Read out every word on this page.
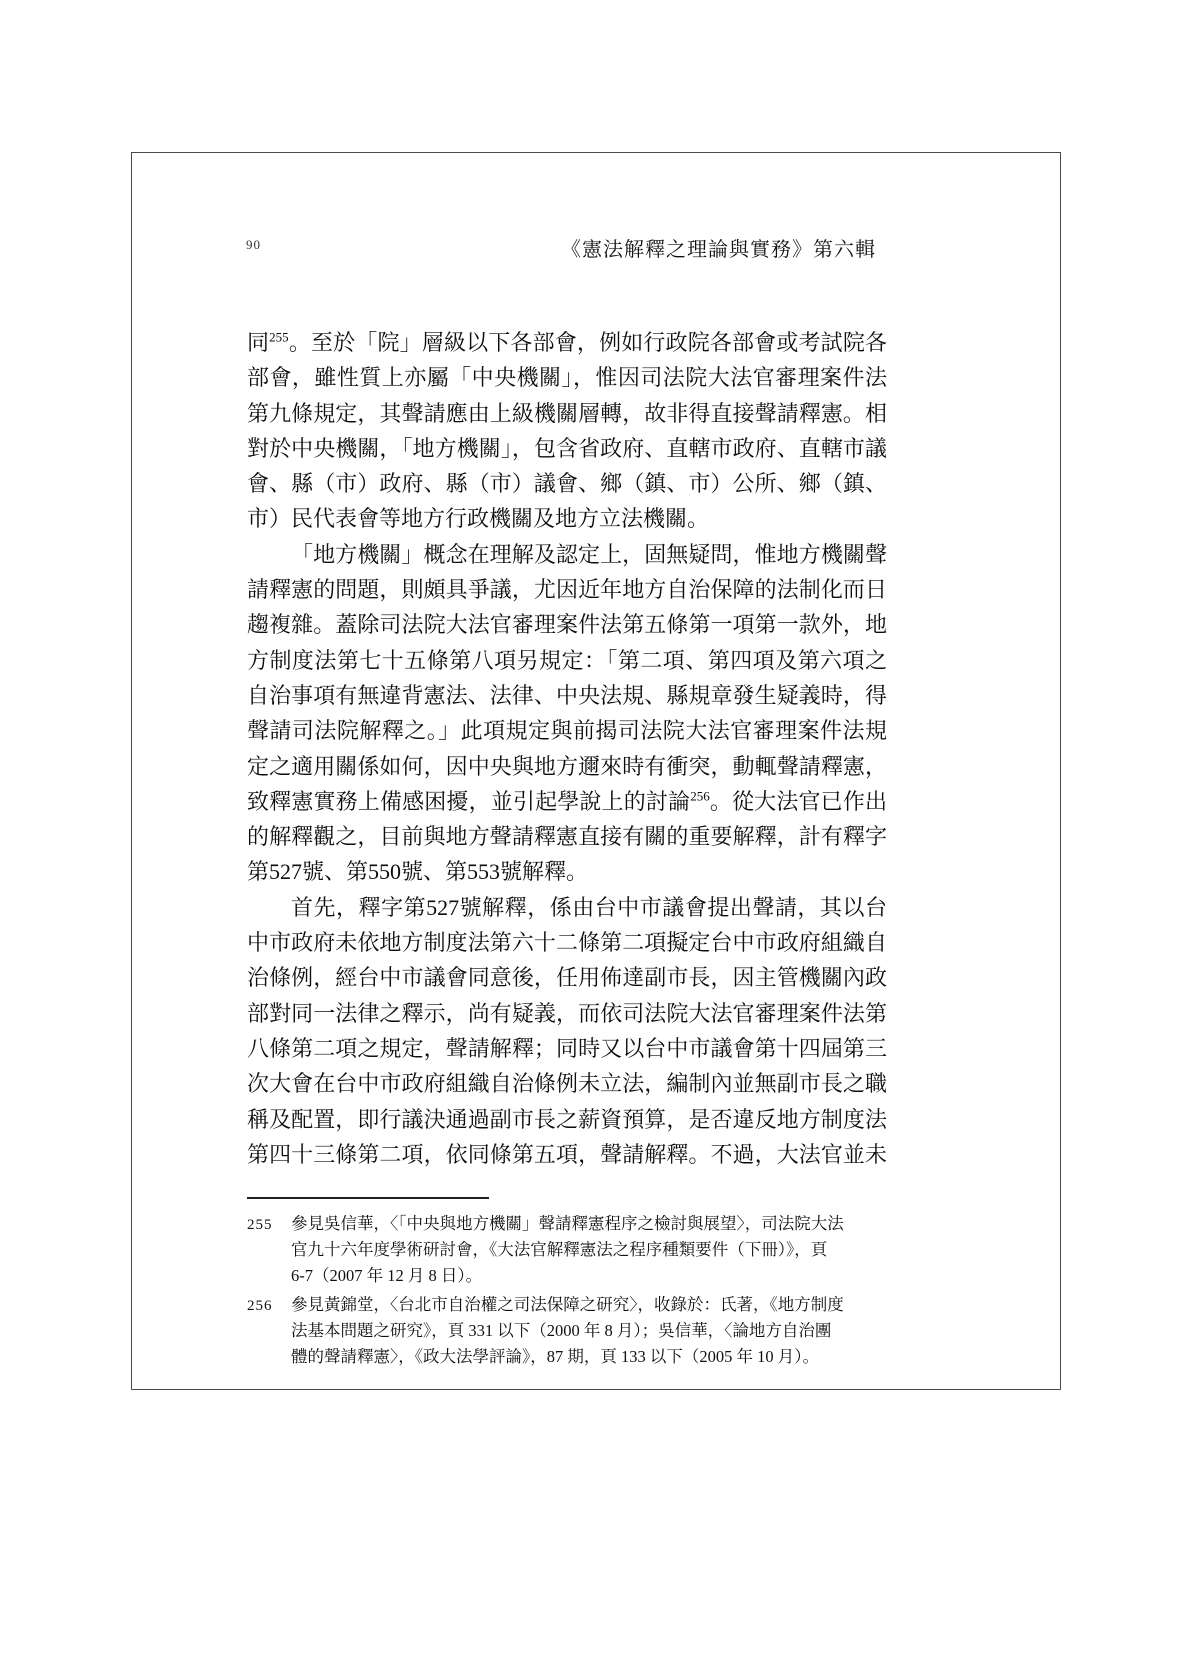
90	《憲法解釋之理論與實務》第六輯
同$^{255}$。至於「院」層級以下各部會，例如行政院各部會或考試院各
部會，雖性質上亦屬「中央機關」，惟因司法院大法官審理案件法
第九條規定，其聲請應由上級機關層轉，故非得直接聲請釋憲。相
對於中央機關，「地方機關」，包含省政府、直轄市政府、直轄市議
會、縣（市）政府、縣（市）議會、鄉（鎮、市）公所、鄉（鎮、
市）民代表會等地方行政機關及地方立法機關。
「地方機關」概念在理解及認定上，固無疑問，惟地方機關聲
請釋憲的問題，則頗具爭議，尤因近年地方自治保障的法制化而日
趨複雜。蓋除司法院大法官審理案件法第五條第一項第一款外，地
方制度法第七十五條第八項另規定：「第二項、第四項及第六項之
自治事項有無違背憲法、法律、中央法規、縣規章發生疑義時，得
聲請司法院解釋之。」此項規定與前揭司法院大法官審理案件法規
定之適用關係如何，因中央與地方邇來時有衝突，動輒聲請釋憲，
致釋憲實務上備感困擾，並引起學說上的討論$^{256}$。從大法官已作出
的解釋觀之，目前與地方聲請釋憲直接有關的重要解釋，計有釋字
第527號、第550號、第553號解釋。
首先，釋字第527號解釋，係由台中市議會提出聲請，其以台
中市政府未依地方制度法第六十二條第二項擬定台中市政府組織自
治條例，經台中市議會同意後，任用佈達副市長，因主管機關內政
部對同一法律之釋示，尚有疑義，而依司法院大法官審理案件法第
八條第二項之規定，聲請解釋；同時又以台中市議會第十四屆第三
次大會在台中市政府組織自治條例未立法，編制內並無副市長之職
稱及配置，即行議決通過副市長之薪資預算，是否違反地方制度法
第四十三條第二項，依同條第五項，聲請解釋。不過，大法官並未
255 參見吳信華，〈「中央與地方機關」聲請釋憲程序之檢討與展望〉，司法院大法
官九十六年度學術研討會，《大法官解釋憲法之程序種類要件（下冊）》，頁
6-7（2007 年 12 月 8 日）。
256 參見黃錦堂，〈台北市自治權之司法保障之研究〉，收錄於：氏著，《地方制度
法基本問題之研究》，頁 331 以下（2000 年 8 月）；吳信華，〈論地方自治團
體的聲請釋憲〉，《政大法學評論》，87 期，頁 133 以下（2005 年 10 月）。
